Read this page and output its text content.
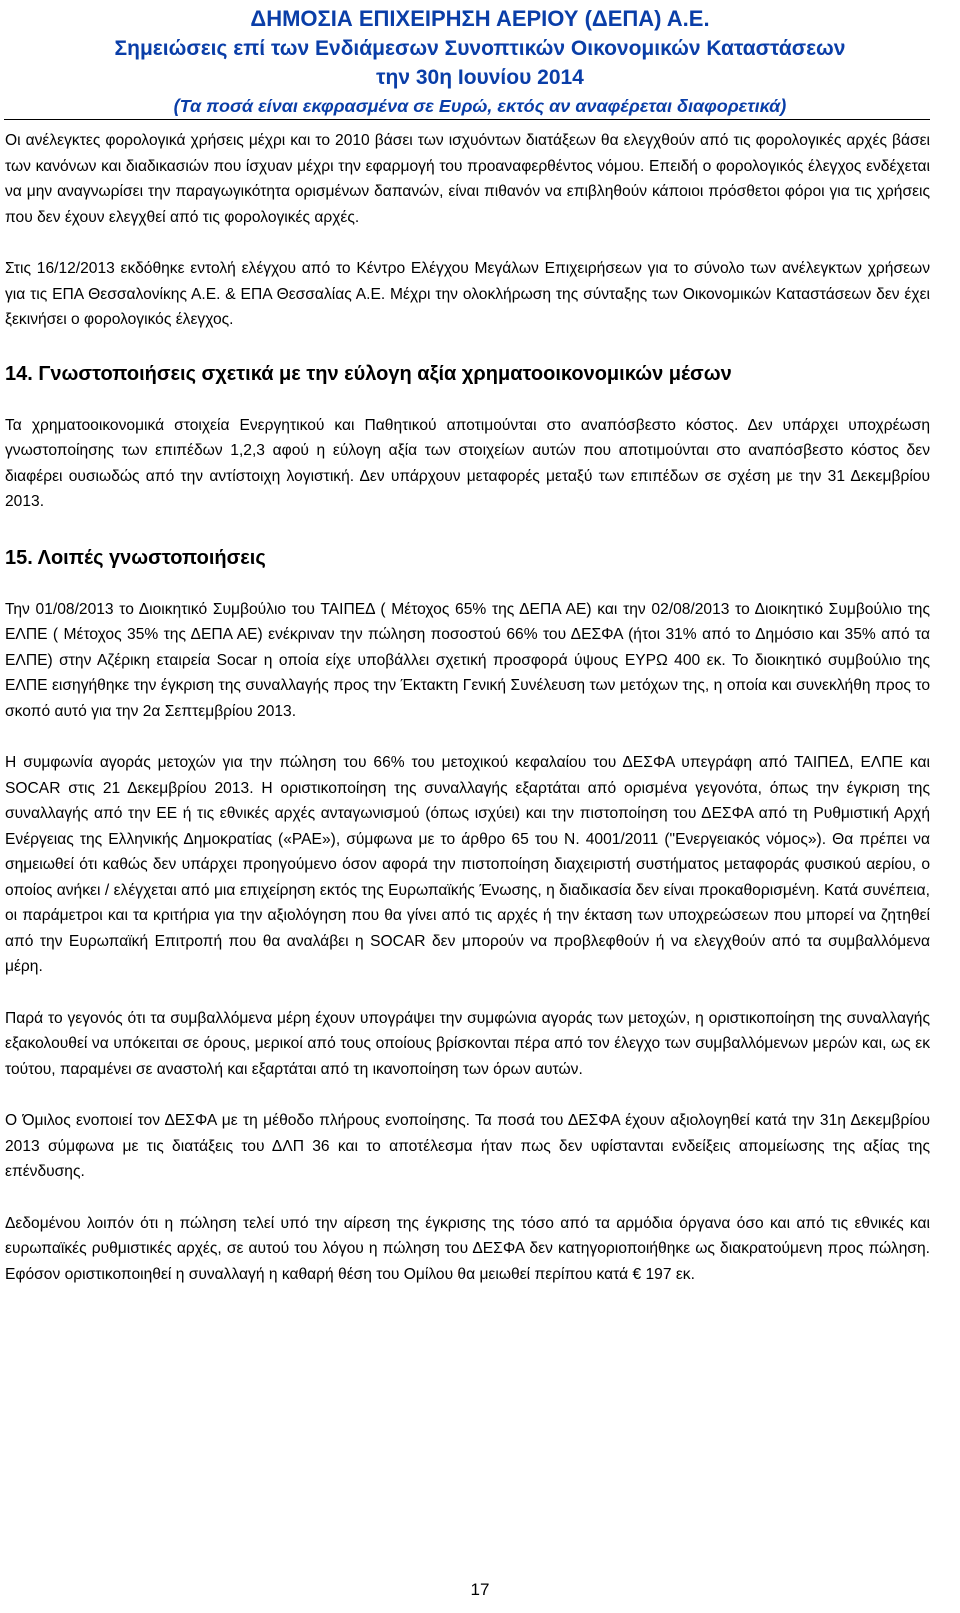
ΔΗΜΟΣΙΑ ΕΠΙΧΕΙΡΗΣΗ ΑΕΡΙΟΥ (ΔΕΠΑ) Α.Ε.
Σημειώσεις επί των Ενδιάμεσων Συνοπτικών Οικονομικών Καταστάσεων
την 30η Ιουνίου 2014
(Τα ποσά είναι εκφρασμένα σε Ευρώ, εκτός αν αναφέρεται διαφορετικά)

Οι ανέλεγκτες φορολογικά χρήσεις μέχρι και το 2010 βάσει των ισχυόντων διατάξεων θα ελεγχθούν από τις φορολογικές αρχές βάσει των κανόνων και διαδικασιών που ίσχυαν μέχρι την εφαρμογή του προαναφερθέντος νόμου. Επειδή ο φορολογικός έλεγχος ενδέχεται να μην αναγνωρίσει την παραγωγικότητα ορισμένων δαπανών, είναι πιθανόν να επιβληθούν κάποιοι πρόσθετοι φόροι για τις χρήσεις που δεν έχουν ελεγχθεί από τις φορολογικές αρχές.

Στις 16/12/2013 εκδόθηκε εντολή ελέγχου από το Κέντρο Ελέγχου Μεγάλων Επιχειρήσεων για το σύνολο των ανέλεγκτων χρήσεων για τις ΕΠΑ Θεσσαλονίκης Α.Ε. & ΕΠΑ Θεσσαλίας Α.Ε. Μέχρι την ολοκλήρωση της σύνταξης των Οικονομικών Καταστάσεων δεν έχει ξεκινήσει ο φορολογικός έλεγχος.

14. Γνωστοποιήσεις σχετικά με την εύλογη αξία χρηματοοικονομικών μέσων

Τα χρηματοοικονομικά στοιχεία Ενεργητικού και Παθητικού αποτιμούνται στο αναπόσβεστο κόστος. Δεν υπάρχει υποχρέωση γνωστοποίησης των επιπέδων 1,2,3 αφού η εύλογη αξία των στοιχείων αυτών που αποτιμούνται στο αναπόσβεστο κόστος δεν διαφέρει ουσιωδώς από την αντίστοιχη λογιστική. Δεν υπάρχουν μεταφορές μεταξύ των επιπέδων σε σχέση με την 31 Δεκεμβρίου 2013.

15. Λοιπές γνωστοποιήσεις

Την 01/08/2013 το Διοικητικό Συμβούλιο του ΤΑΙΠΕΔ ( Μέτοχος 65% της ΔΕΠΑ ΑΕ) και την 02/08/2013 το Διοικητικό Συμβούλιο της ΕΛΠΕ ( Μέτοχος 35% της ΔΕΠΑ ΑΕ) ενέκριναν την πώληση ποσοστού 66% του ΔΕΣΦΑ (ήτοι 31% από το Δημόσιο και 35% από τα ΕΛΠΕ) στην Αζέρικη εταιρεία Socar η οποία είχε υποβάλλει σχετική προσφορά ύψους ΕΥΡΩ 400 εκ. Το διοικητικό συμβούλιο της ΕΛΠΕ εισηγήθηκε την έγκριση της συναλλαγής προς την Έκτακτη Γενική Συνέλευση των μετόχων της, η οποία και συνεκλήθη προς το σκοπό αυτό για την 2α Σεπτεμβρίου 2013.

Η συμφωνία αγοράς μετοχών για την πώληση του 66% του μετοχικού κεφαλαίου του ΔΕΣΦΑ υπεγράφη από ΤΑΙΠΕΔ, ΕΛΠΕ και SOCAR στις 21 Δεκεμβρίου 2013. Η οριστικοποίηση της συναλλαγής εξαρτάται από ορισμένα γεγονότα, όπως την έγκριση της συναλλαγής από την ΕΕ ή τις εθνικές αρχές ανταγωνισμού (όπως ισχύει) και την πιστοποίηση του ΔΕΣΦΑ από τη Ρυθμιστική Αρχή Ενέργειας της Ελληνικής Δημοκρατίας («ΡΑΕ»), σύμφωνα με το άρθρο 65 του Ν. 4001/2011 ("Ενεργειακός νόμος»). Θα πρέπει να σημειωθεί ότι καθώς δεν υπάρχει προηγούμενο όσον αφορά την πιστοποίηση διαχειριστή συστήματος μεταφοράς φυσικού αερίου, ο οποίος ανήκει / ελέγχεται από μια επιχείρηση εκτός της Ευρωπαϊκής Ένωσης, η διαδικασία δεν είναι προκαθορισμένη. Κατά συνέπεια, οι παράμετροι και τα κριτήρια για την αξιολόγηση που θα γίνει από τις αρχές ή την έκταση των υποχρεώσεων που μπορεί να ζητηθεί από την Ευρωπαϊκή Επιτροπή που θα αναλάβει η SOCAR δεν μπορούν να προβλεφθούν ή να ελεγχθούν από τα συμβαλλόμενα μέρη.

Παρά το γεγονός ότι τα συμβαλλόμενα μέρη έχουν υπογράψει την συμφώνια αγοράς των μετοχών, η οριστικοποίηση της συναλλαγής εξακολουθεί να υπόκειται σε όρους, μερικοί από τους οποίους βρίσκονται πέρα από τον έλεγχο των συμβαλλόμενων μερών και, ως εκ τούτου, παραμένει σε αναστολή και εξαρτάται από τη ικανοποίηση των όρων αυτών.

Ο Όμιλος ενοποιεί τον ΔΕΣΦΑ με τη μέθοδο πλήρους ενοποίησης. Τα ποσά του ΔΕΣΦΑ έχουν αξιολογηθεί κατά την 31η Δεκεμβρίου 2013 σύμφωνα με τις διατάξεις του ΔΛΠ 36 και το αποτέλεσμα ήταν πως δεν υφίστανται ενδείξεις απομείωσης της αξίας της επένδυσης.

Δεδομένου λοιπόν ότι η πώληση τελεί υπό την αίρεση της έγκρισης της τόσο από τα αρμόδια όργανα όσο και από τις εθνικές και ευρωπαϊκές ρυθμιστικές αρχές, σε αυτού του λόγου η πώληση του ΔΕΣΦΑ δεν κατηγοριοποιήθηκε ως διακρατούμενη προς πώληση. Εφόσον οριστικοποιηθεί η συναλλαγή η καθαρή θέση του Ομίλου θα μειωθεί περίπου κατά € 197 εκ.

17
